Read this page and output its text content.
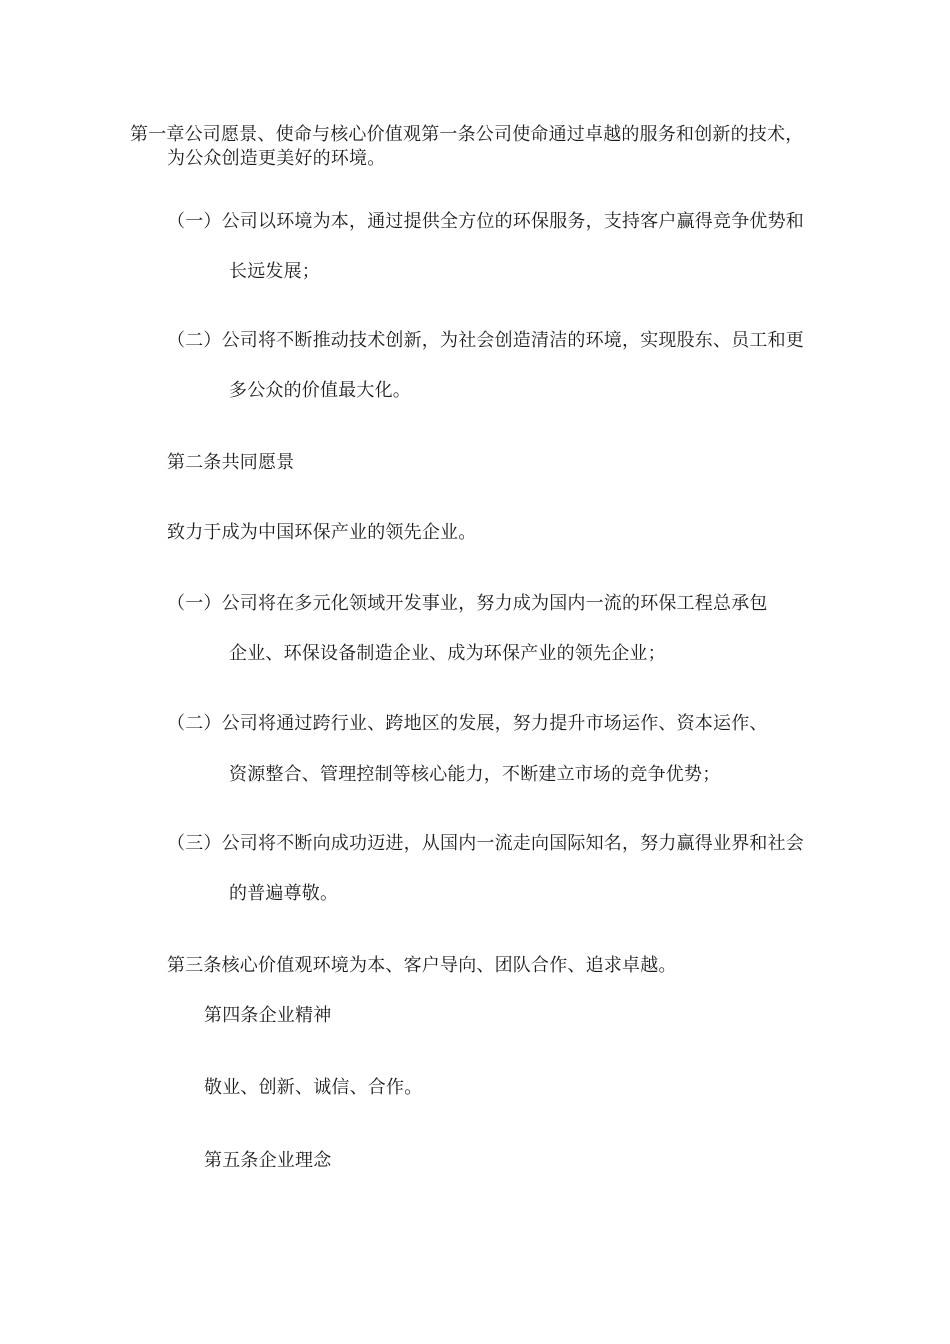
第一章公司愿景、使命与核心价值观第一条公司使命通过卓越的服务和创新的技术，
为公众创造更美好的环境。
（一）公司以环境为本，通过提供全方位的环保服务，支持客户赢得竞争优势和
长远发展；
（二）公司将不断推动技术创新，为社会创造清洁的环境，实现股东、员工和更
多公众的价值最大化。
第二条共同愿景
致力于成为中国环保产业的领先企业。
（一）公司将在多元化领域开发事业，努力成为国内一流的环保工程总承包
企业、环保设备制造企业、成为环保产业的领先企业；
（二）公司将通过跨行业、跨地区的发展，努力提升市场运作、资本运作、
资源整合、管理控制等核心能力，不断建立市场的竞争优势；
（三）公司将不断向成功迈进，从国内一流走向国际知名，努力赢得业界和社会
的普遍尊敬。
第三条核心价值观环境为本、客户导向、团队合作、追求卓越。
第四条企业精神
敬业、创新、诚信、合作。
第五条企业理念
